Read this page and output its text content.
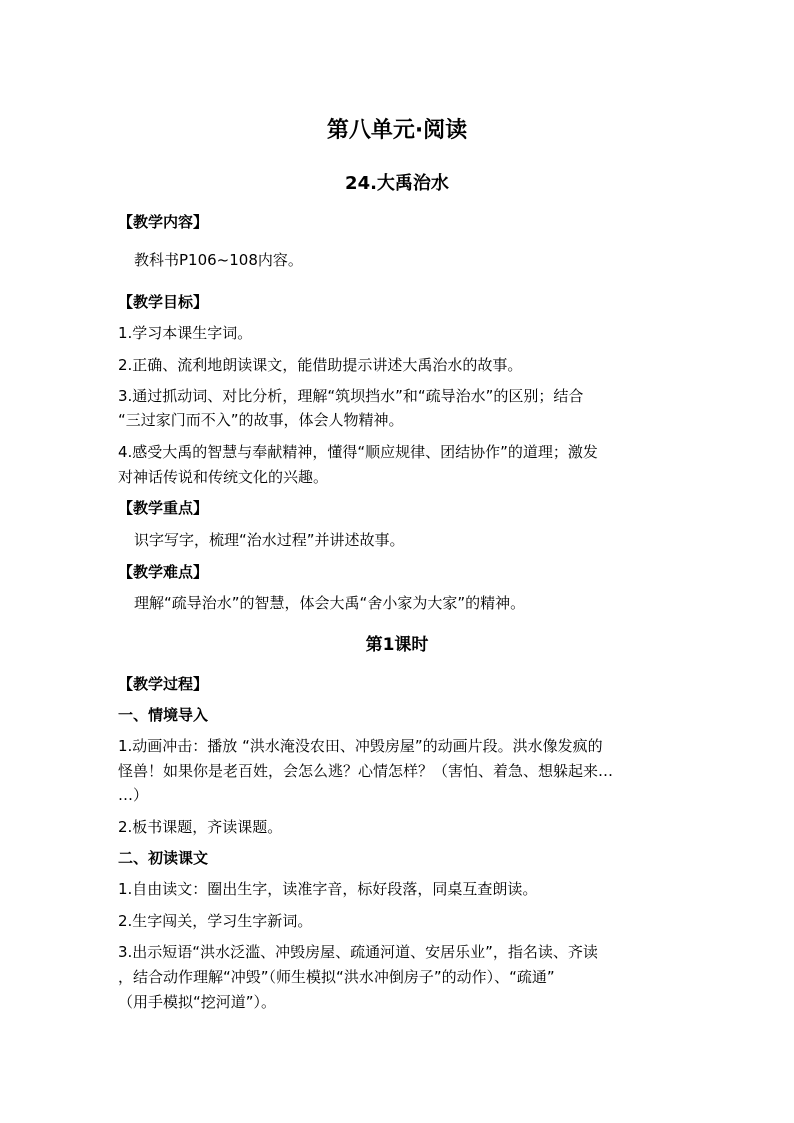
第八单元·阅读
24.大禹治水
【教学内容】
教科书P106~108内容。
【教学目标】
1.学习本课生字词。
2.正确、流利地朗读课文，能借助提示讲述大禹治水的故事。
3.通过抓动词、对比分析，理解“筑坝挡水”和“疏导治水”的区别；结合
“三过家门而不入”的故事，体会人物精神。
4.感受大禹的智慧与奉献精神，懂得“顺应规律、团结协作”的道理；激发
对神话传说和传统文化的兴趣。
【教学重点】
识字写字，梳理“治水过程”并讲述故事。
【教学难点】
理解“疏导治水”的智慧，体会大禹“舍小家为大家”的精神。
第1课时
【教学过程】
一、情境导入
1.动画冲击：播放 “洪水淹没农田、冲毁房屋”的动画片段。洪水像发疯的
怪兽！如果你是老百姓，会怎么逃？心情怎样？（害怕、着急、想躲起来…
…）
2.板书课题，齐读课题。
二、初读课文
1.自由读文：圈出生字，读准字音，标好段落，同桌互查朗读。
2.生字闯关，学习生字新词。
3.出示短语“洪水泛滥、冲毁房屋、疏通河道、安居乐业”，指名读、齐读
，结合动作理解“冲毁”（师生模拟“洪水冲倒房子”的动作）、“疏通”
（用手模拟“挖河道”）。
